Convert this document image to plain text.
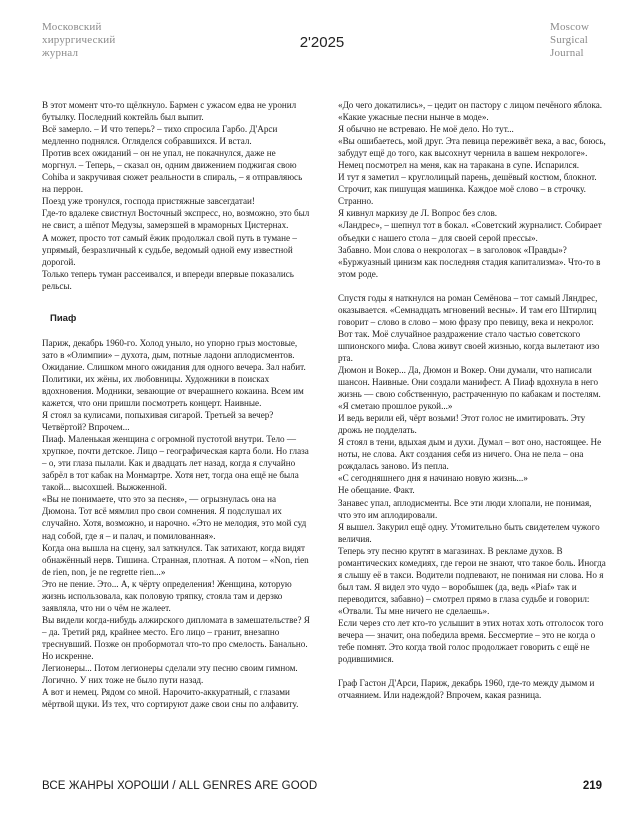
Московский
хирургический
журнал
2'2025
Moscow
Surgical
Journal

В этот момент что-то щёлкнуло. Бармен с ужасом едва не уронил бутылку. Последний коктейль был выпит.

Всё замерло. – И что теперь? – тихо спросила Гарбо. Д'Арси медленно поднялся. Огляделся собравшихся. И встал.

Против всех ожиданий – он не упал, не покачнулся, даже не моргнул. – Теперь, – сказал он, одним движением поджигая свою Cohiba и закручивая сюжет реальности в спираль, – я отправляюсь на перрон.

Поезд уже тронулся, господа пристяжные завсегдатаи!

Где-то вдалеке свистнул Восточный экспресс, но, возможно, это был не свист, а шёпот Медузы, замерзшей в мраморных Цистернах.

А может, просто тот самый ёжик продолжал свой путь в тумане – упрямый, безразличный к судьбе, ведомый одной ему известной дорогой.

Только теперь туман рассеивался, и впереди впервые показались рельсы.

Пиаф

Париж, декабрь 1960-го. Холод уныло, но упорно грыз мостовые, зато в «Олимпии» – духота, дым, потные ладони аплодисментов. Ожидание. Слишком много ожидания для одного вечера. Зал набит. Политики, их жёны, их любовницы. Художники в поисках вдохновения. Модники, зевающие от вчерашнего кокаина. Всем им кажется, что они пришли посмотреть концерт. Наивные.

Я стоял за кулисами, попыхивая сигарой. Третьей за вечер? Четвёртой? Впрочем...

Пиаф. Маленькая женщина с огромной пустотой внутри. Тело — хрупкое, почти детское. Лицо – географическая карта боли. Но глаза – о, эти глаза пылали. Как и двадцать лет назад, когда я случайно забрёл в тот кабак на Монмартре. Хотя нет, тогда она ещё не была такой... высохшей. Выжженной.

«Вы не понимаете, что это за песня», — огрызнулась она на Дюмона. Тот всё мямлил про свои сомнения. Я подслушал их случайно. Хотя, возможно, и нарочно. «Это не мелодия, это мой суд над собой, где я – и палач, и помилованная».

Когда она вышла на сцену, зал заткнулся. Так затихают, когда видят обнажённый нерв. Тишина. Странная, плотная. А потом – «Non, rien de rien, non, je ne regrette rien...»

Это не пение. Это... А, к чёрту определения! Женщина, которую жизнь использовала, как половую тряпку, стояла там и дерзко заявляла, что ни о чём не жалеет.

Вы видели когда-нибудь алжирского дипломата в замешательстве? Я – да. Третий ряд, крайнее место. Его лицо – гранит, внезапно треснувший. Позже он пробормотал что-то про смелость. Банально. Но искренне.

Легионеры... Потом легионеры сделали эту песню своим гимном. Логично. У них тоже не было пути назад.

А вот и немец. Рядом со мной. Нарочито-аккуратный, с глазами мёртвой щуки. Из тех, что сортируют даже свои сны по алфавиту.

«До чего докатились», – цедит он пастору с лицом печёного яблока. «Какие ужасные песни нынче в моде».

Я обычно не встреваю. Не моё дело. Но тут...

«Вы ошибаетесь, мой друг. Эта певица переживёт века, а вас, боюсь, забудут ещё до того, как высохнут чернила в вашем некрологе».

Немец посмотрел на меня, как на таракана в супе. Испарился.

И тут я заметил – круглолицый парень, дешёвый костюм, блокнот. Строчит, как пишущая машинка. Каждое моё слово – в строчку. Странно.

Я кивнул маркизу де Л. Вопрос без слов.

«Ландрес», – шепнул тот в бокал. «Советский журналист. Собирает объедки с нашего стола – для своей серой прессы».

Забавно. Мои слова о некрологах – в заголовок «Правды»? «Буржуазный цинизм как последняя стадия капитализма». Что-то в этом роде.

Спустя годы я наткнулся на роман Семёнова – тот самый Ляндрес, оказывается. «Семнадцать мгновений весны». И там его Штирлиц говорит – слово в слово – мою фразу про певицу, века и некролог.

Вот так. Моё случайное раздражение стало частью советского шпионского мифа. Слова живут своей жизнью, когда вылетают изо рта.

Дюмон и Вокер... Да, Дюмон и Вокер. Они думали, что написали шансон. Наивные. Они создали манифест. А Пиаф вдохнула в него жизнь — свою собственную, растраченную по кабакам и постелям. «Я сметаю прошлое рукой...»

И ведь верили ей, чёрт возьми! Этот голос не имитировать. Эту дрожь не подделать.

Я стоял в тени, вдыхая дым и духи. Думал – вот оно, настоящее. Не ноты, не слова. Акт создания себя из ничего. Она не пела – она рождалась заново. Из пепла.

«С сегодняшнего дня я начинаю новую жизнь...»

Не обещание. Факт.

Занавес упал, аплодисменты. Все эти люди хлопали, не понимая, что это им аплодировали.

Я вышел. Закурил ещё одну. Утомительно быть свидетелем чужого величия.

Теперь эту песню крутят в магазинах. В рекламе духов. В романтических комедиях, где герои не знают, что такое боль. Иногда я слышу её в такси. Водители подпевают, не понимая ни слова. Но я был там. Я видел это чудо – воробышек (да, ведь «Piaf» так и переводится, забавно) – смотрел прямо в глаза судьбе и говорил: «Отвали. Ты мне ничего не сделаешь».

Если через сто лет кто-то услышит в этих нотах хоть отголосок того вечера — значит, она победила время. Бессмертие – это не когда о тебе помнят. Это когда твой голос продолжает говорить с ещё не родившимися.

Граф Гастон Д'Арси, Париж, декабрь 1960, где-то между дымом и отчаянием. Или надеждой? Впрочем, какая разница.

ВСЕ ЖАНРЫ ХОРОШИ / ALL GENRES ARE GOOD	219
